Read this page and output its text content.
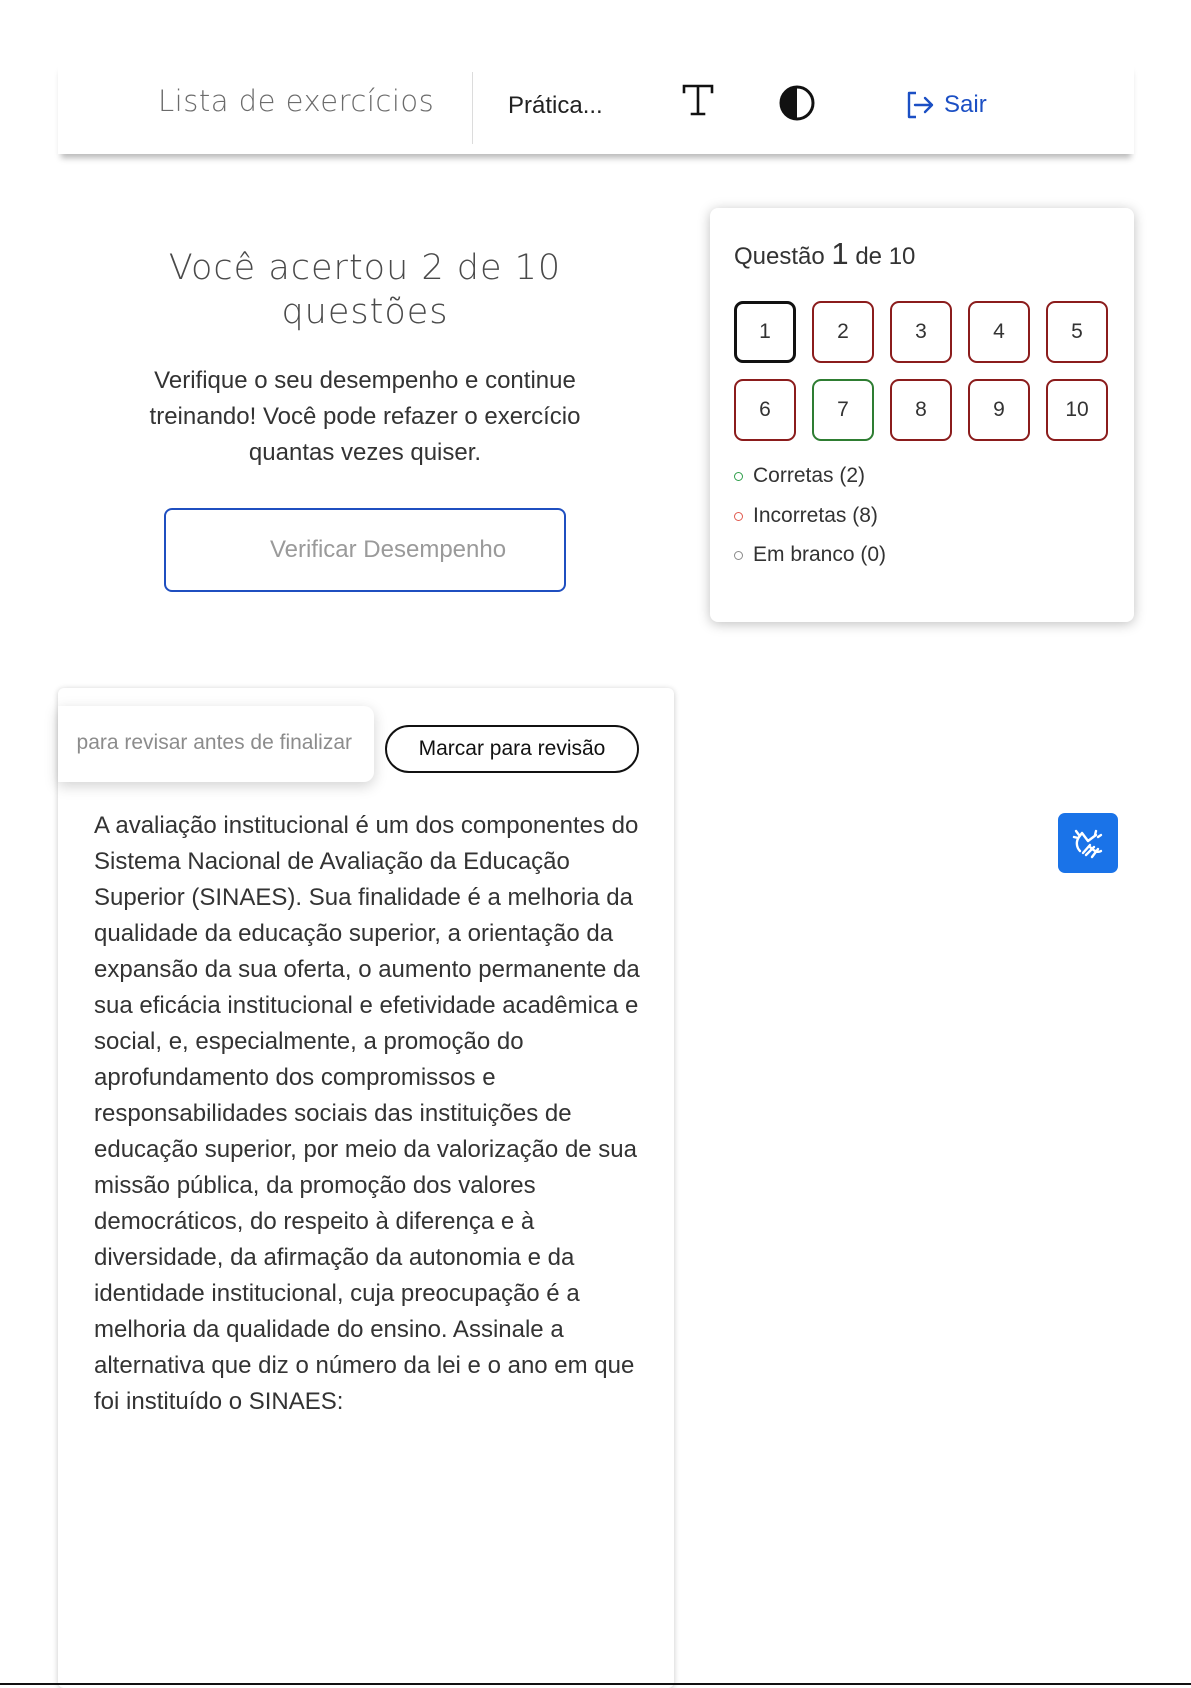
Lista de exercícios	Prática...	Sair
Você acertou 2 de 10
questões
Verifique o seu desempenho e continue treinando! Você pode refazer o exercício quantas vezes quiser.
Verificar Desempenho
Questão 1 de 10
1	2	3	4	5
6	7	8	9	10
Corretas (2)
Incorretas (8)
Em branco (0)
para revisar antes de finalizar	Marcar para revisão
A avaliação institucional é um dos componentes do Sistema Nacional de Avaliação da Educação Superior (SINAES). Sua finalidade é a melhoria da qualidade da educação superior, a orientação da expansão da sua oferta, o aumento permanente da sua eficácia institucional e efetividade acadêmica e social, e, especialmente, a promoção do aprofundamento dos compromissos e responsabilidades sociais das instituições de educação superior, por meio da valorização de sua missão pública, da promoção dos valores democráticos, do respeito à diferença e à diversidade, da afirmação da autonomia e da identidade institucional, cuja preocupação é a melhoria da qualidade do ensino. Assinale a alternativa que diz o número da lei e o ano em que foi instituído o SINAES:
